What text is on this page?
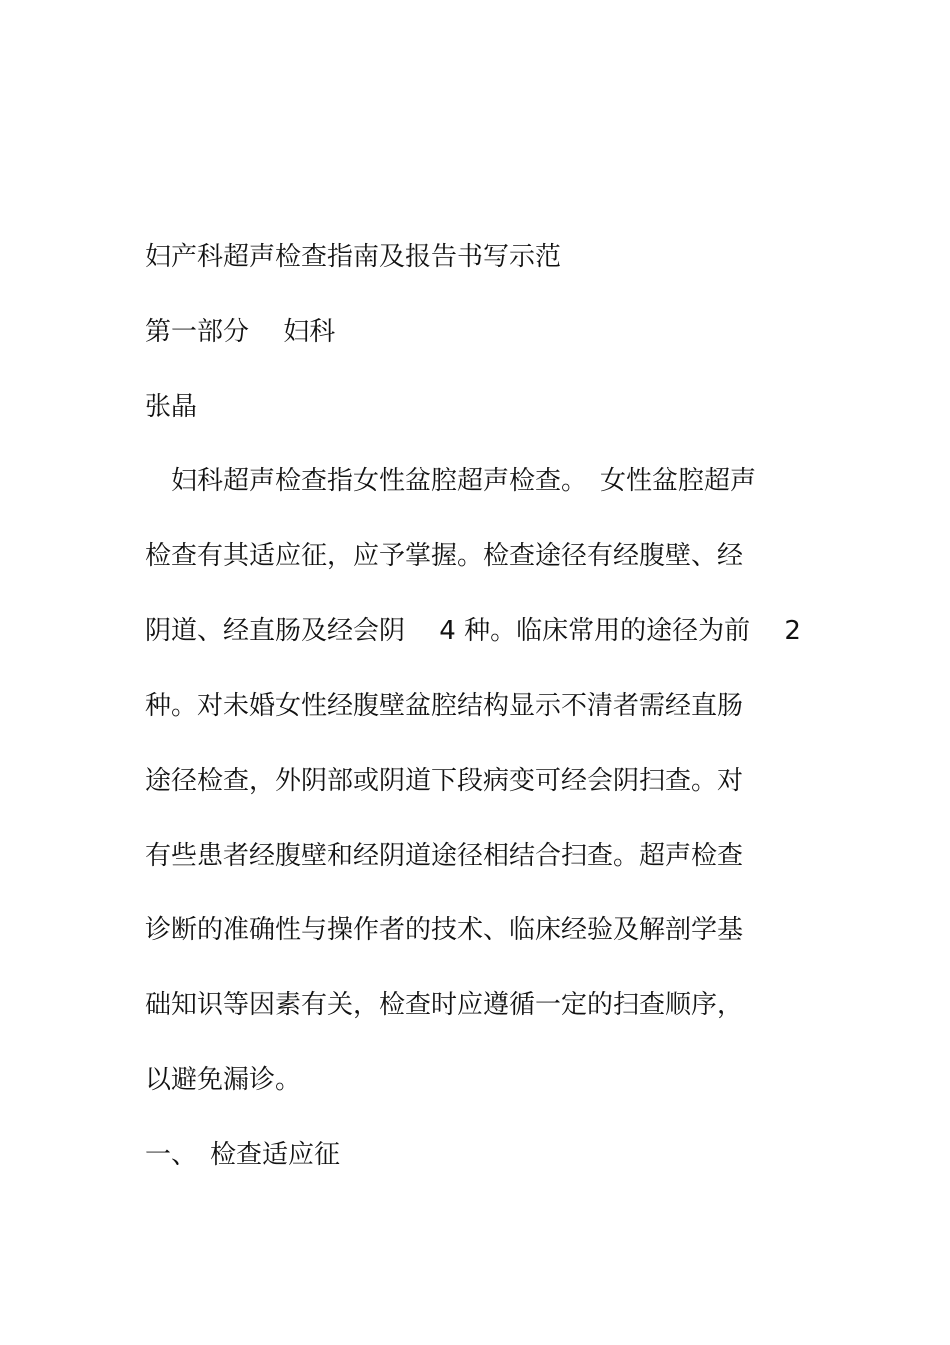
妇产科超声检查指南及报告书写示范
第一部分　 妇科

张晶

　妇科超声检查指女性盆腔超声检查。　女性盆腔超声

检查有其适应征，应予掌握。检查途径有经腹壁、经

阴道、经直肠及经会阴　 4 种。临床常用的途径为前　 2

种。对未婚女性经腹壁盆腔结构显示不清者需经直肠

途径检查，外阴部或阴道下段病变可经会阴扫查。对

有些患者经腹壁和经阴道途径相结合扫查。超声检查

诊断的准确性与操作者的技术、临床经验及解剖学基

础知识等因素有关，检查时应遵循一定的扫查顺序，

以避免漏诊。

一、　检查适应征
